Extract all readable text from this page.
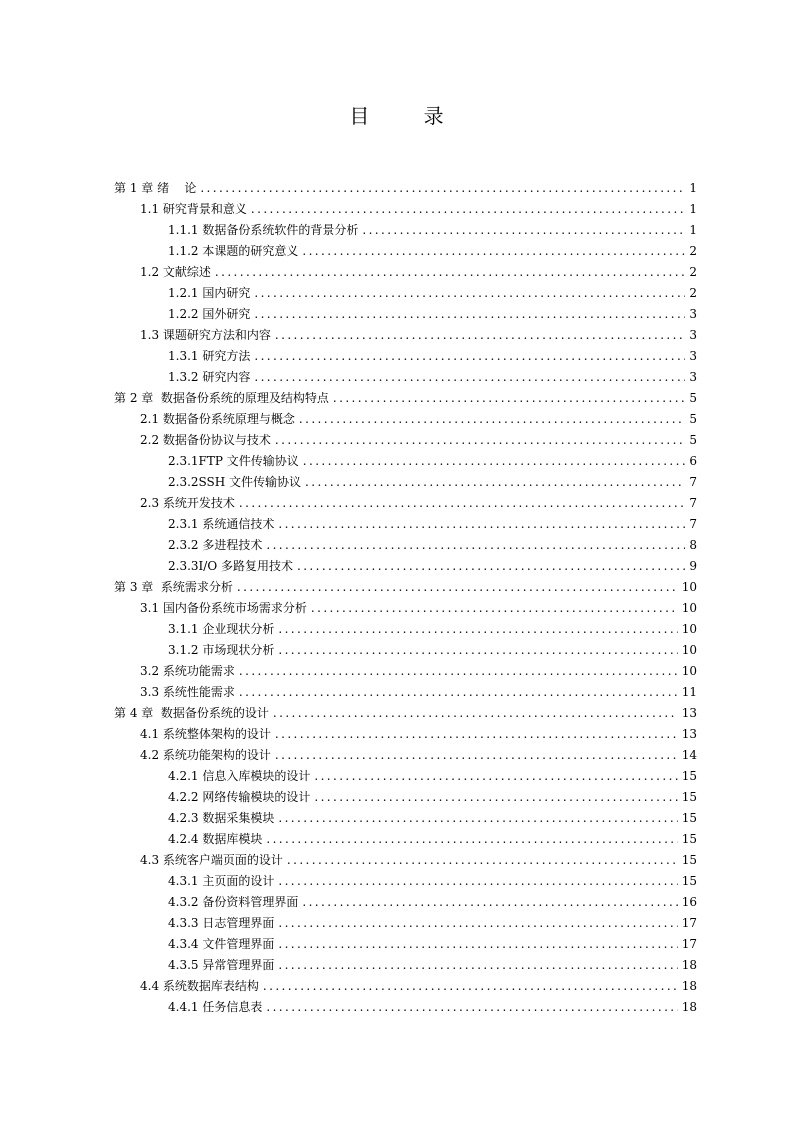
目 录
第 1 章 绪    论 .....	1
1.1 研究背景和意义 .....	1
1.1.1 数据备份系统软件的背景分析 .....	1
1.1.2 本课题的研究意义 .....	2
1.2 文献综述 .....	2
1.2.1 国内研究 .....	2
1.2.2 国外研究 .....	3
1.3 课题研究方法和内容 .....	3
1.3.1 研究方法 .....	3
1.3.2 研究内容 .....	3
第 2 章  数据备份系统的原理及结构特点 .....	5
2.1 数据备份系统原理与概念 .....	5
2.2 数据备份协议与技术 .....	5
2.3.1FTP 文件传输协议 .....	6
2.3.2SSH 文件传输协议 .....	7
2.3 系统开发技术 .....	7
2.3.1 系统通信技术 .....	7
2.3.2 多进程技术 .....	8
2.3.3I/O 多路复用技术 .....	9
第 3 章  系统需求分析 .....	10
3.1 国内备份系统市场需求分析 .....	10
3.1.1 企业现状分析 .....	10
3.1.2 市场现状分析 .....	10
3.2 系统功能需求 .....	10
3.3 系统性能需求 .....	11
第 4 章  数据备份系统的设计 .....	13
4.1 系统整体架构的设计 .....	13
4.2 系统功能架构的设计 .....	14
4.2.1 信息入库模块的设计 .....	15
4.2.2 网络传输模块的设计 .....	15
4.2.3 数据采集模块 .....	15
4.2.4 数据库模块 .....	15
4.3 系统客户端页面的设计 .....	15
4.3.1 主页面的设计 .....	15
4.3.2 备份资料管理界面 .....	16
4.3.3 日志管理界面 .....	17
4.3.4 文件管理界面 .....	17
4.3.5 异常管理界面 .....	18
4.4 系统数据库表结构 .....	18
4.4.1 任务信息表 .....	18
